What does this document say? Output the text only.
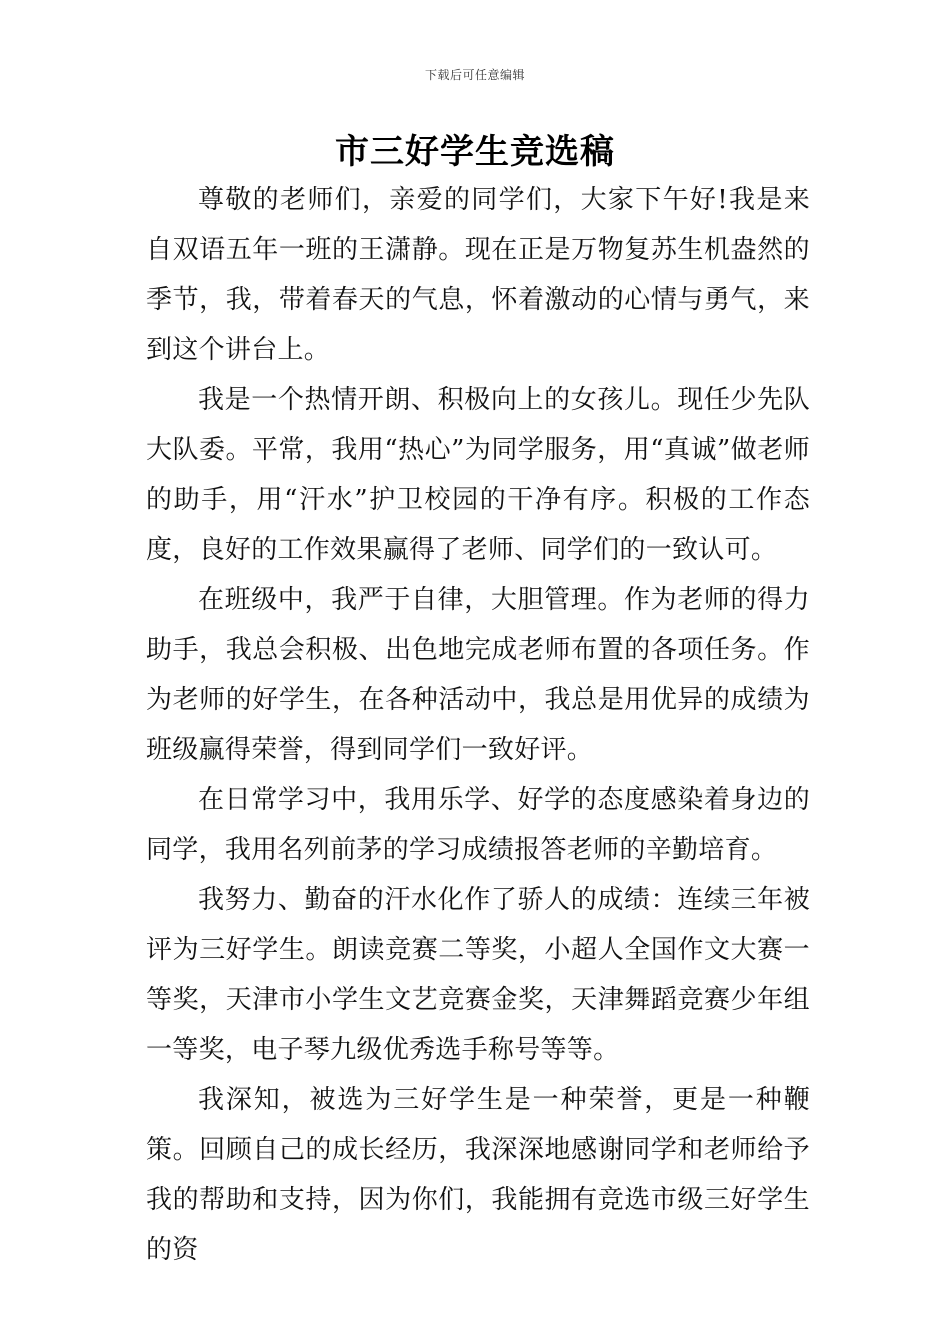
下载后可任意编辑
市三好学生竞选稿

尊敬的老师们，亲爱的同学们，大家下午好!我是来自双语五年一班的王潇静。现在正是万物复苏生机盎然的季节，我，带着春天的气息，怀着激动的心情与勇气，来到这个讲台上。

我是一个热情开朗、积极向上的女孩儿。现任少先队大队委。平常，我用“热心”为同学服务，用“真诚”做老师的助手，用“汗水”护卫校园的干净有序。积极的工作态度，良好的工作效果赢得了老师、同学们的一致认可。

在班级中，我严于自律，大胆管理。作为老师的得力助手，我总会积极、出色地完成老师布置的各项任务。作为老师的好学生，在各种活动中，我总是用优异的成绩为班级赢得荣誉，得到同学们一致好评。

在日常学习中，我用乐学、好学的态度感染着身边的同学，我用名列前茅的学习成绩报答老师的辛勤培育。

我努力、勤奋的汗水化作了骄人的成绩：连续三年被评为三好学生。朗读竞赛二等奖，小超人全国作文大赛一等奖，天津市小学生文艺竞赛金奖，天津舞蹈竞赛少年组一等奖，电子琴九级优秀选手称号等等。

我深知，被选为三好学生是一种荣誉，更是一种鞭策。回顾自己的成长经历，我深深地感谢同学和老师给予我的帮助和支持，因为你们，我能拥有竞选市级三好学生的资
